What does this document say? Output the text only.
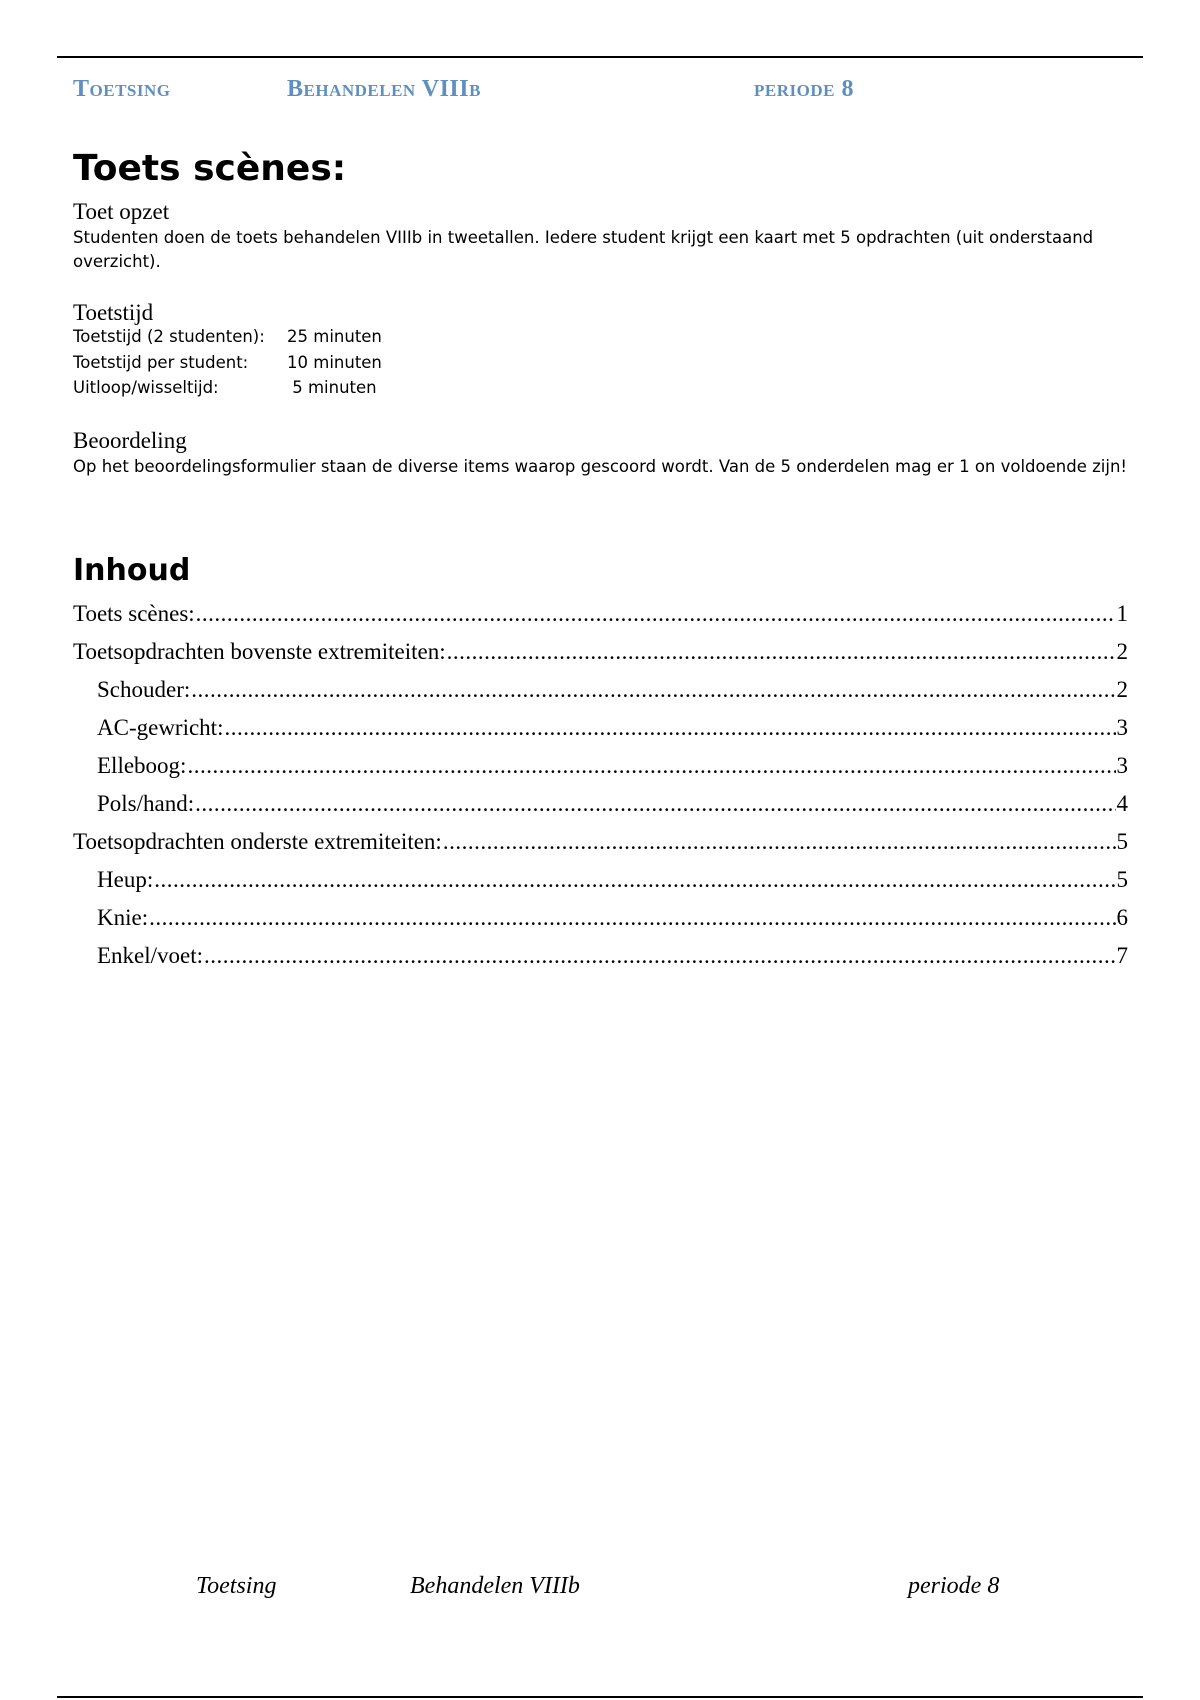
Toetsing	Behandelen VIIIb	periode 8
Toets scènes:
Toet opzet
Studenten doen de toets behandelen VIIIb in tweetallen. Iedere student krijgt een kaart met 5 opdrachten (uit onderstaand overzicht).
Toetstijd
Toetstijd (2 studenten):	25 minuten
Toetstijd per student:	10 minuten
Uitloop/wisseltijd:	5 minuten
Beoordeling
Op het beoordelingsformulier staan de diverse items waarop gescoord wordt. Van de 5 onderdelen mag er 1 on voldoende zijn!
Inhoud
Toets scènes: .....	1
Toetsopdrachten bovenste extremiteiten: .....	2
Schouder: .....	2
AC-gewricht: .....	3
Elleboog: .....	3
Pols/hand: .....	4
Toetsopdrachten onderste extremiteiten: .....	5
Heup: .....	5
Knie: .....	6
Enkel/voet: .....	7
Toetsing	Behandelen VIIIb	periode 8
